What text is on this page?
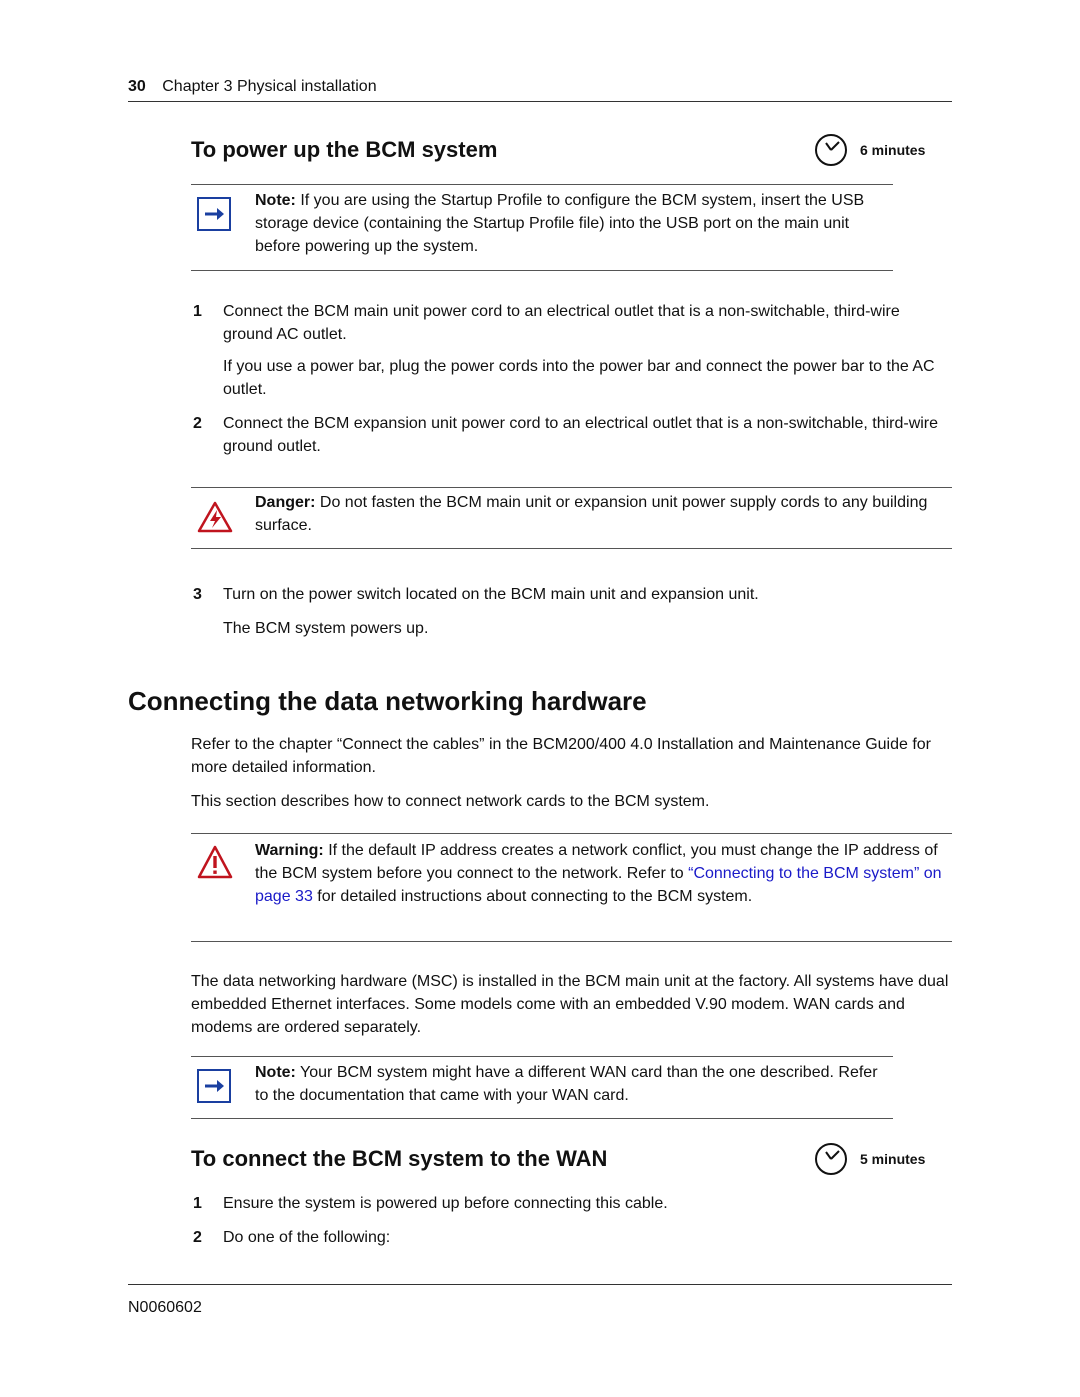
30 Chapter 3 Physical installation
To power up the BCM system	6 minutes
Note: If you are using the Startup Profile to configure the BCM system, insert the USB storage device (containing the Startup Profile file) into the USB port on the main unit before powering up the system.
1	Connect the BCM main unit power cord to an electrical outlet that is a non-switchable, third-wire ground AC outlet.
If you use a power bar, plug the power cords into the power bar and connect the power bar to the AC outlet.
2	Connect the BCM expansion unit power cord to an electrical outlet that is a non-switchable, third-wire ground outlet.
Danger: Do not fasten the BCM main unit or expansion unit power supply cords to any building surface.
3	Turn on the power switch located on the BCM main unit and expansion unit.
The BCM system powers up.
Connecting the data networking hardware
Refer to the chapter “Connect the cables” in the BCM200/400 4.0 Installation and Maintenance Guide for more detailed information.
This section describes how to connect network cards to the BCM system.
Warning: If the default IP address creates a network conflict, you must change the IP address of the BCM system before you connect to the network. Refer to “Connecting to the BCM system” on page 33 for detailed instructions about connecting to the BCM system.
The data networking hardware (MSC) is installed in the BCM main unit at the factory. All systems have dual embedded Ethernet interfaces. Some models come with an embedded V.90 modem. WAN cards and modems are ordered separately.
Note: Your BCM system might have a different WAN card than the one described. Refer to the documentation that came with your WAN card.
To connect the BCM system to the WAN	5 minutes
1	Ensure the system is powered up before connecting this cable.
2	Do one of the following:
N0060602
